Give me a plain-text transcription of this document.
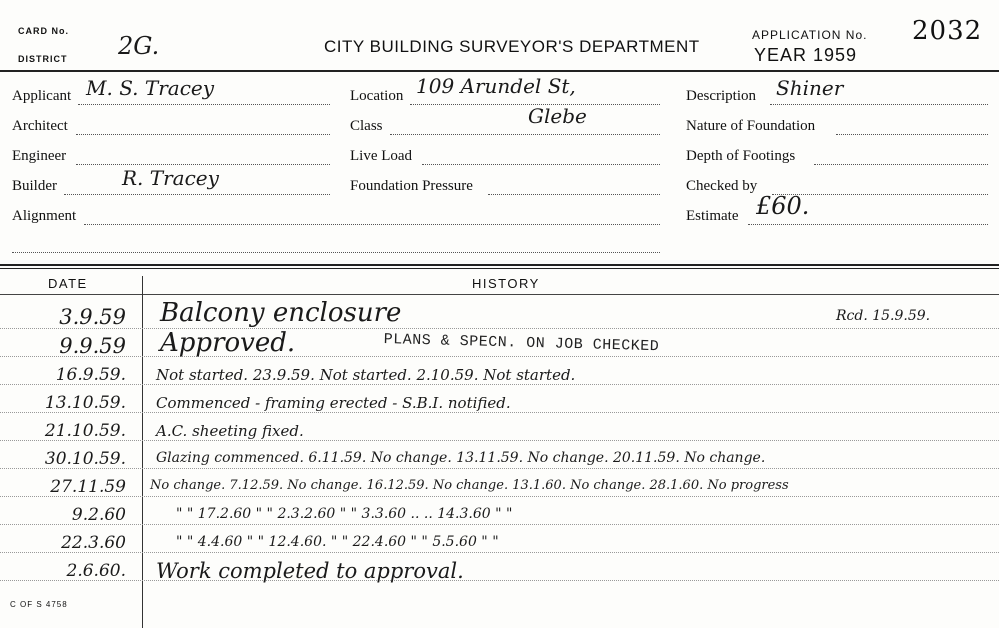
CARD No.
DISTRICT 2G.	CITY BUILDING SURVEYOR'S DEPARTMENT
APPLICATION No. 2032
YEAR 1959
Applicant M. S. Tracey
Architect
Engineer
Builder	R. Tracey
Alignment
Location 109 Arundel St,
Class	Glebe
Live Load
Foundation Pressure
Description Shiner
Nature of Foundation
Depth of Footings
Checked by
Estimate £60.
DATE	HISTORY
3.9.59 Balcony enclosure	Rcd. 15.9.59.
9.9.59 Approved.	PLANS & SPECN. ON JOB CHECKED
16.9.59. Not started. 23.9.59. Not started. 2.10.59. Not started.
13.10.59. Commenced - framing erected - S.B.I. notified.
21.10.59. A.C. sheeting fixed.
30.10.59. Glazing commenced. 6.11.59. No change. 13.11.59. No change. 20.11.59. No change.
27.11.59 No change. 7.12.59. No change. 16.12.59. No change. 13.1.60. No change. 28.1.60. No progress
9.2.60	" " 17.2.60 " " 2.3.2.60 " " 3.3.60 .. .. 14.3.60 " "
22.3.60	" " 4.4.60 " " 12.4.60. " " 22.4.60 " " 5.5.60 " "
2.6.60. Work completed to approval.
C OF S 4758
